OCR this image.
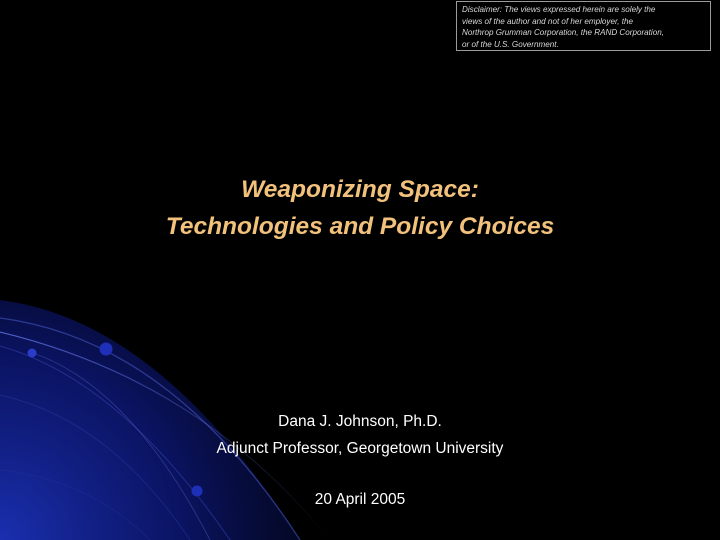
Disclaimer: The views expressed herein are solely the
views of the author and not of her employer, the
Northrop Grumman Corporation, the RAND Corporation,
or of the U.S. Government.
Weaponizing Space:
Technologies and Policy Choices
Dana J. Johnson, Ph.D.
Adjunct Professor, Georgetown University
20 April 2005
